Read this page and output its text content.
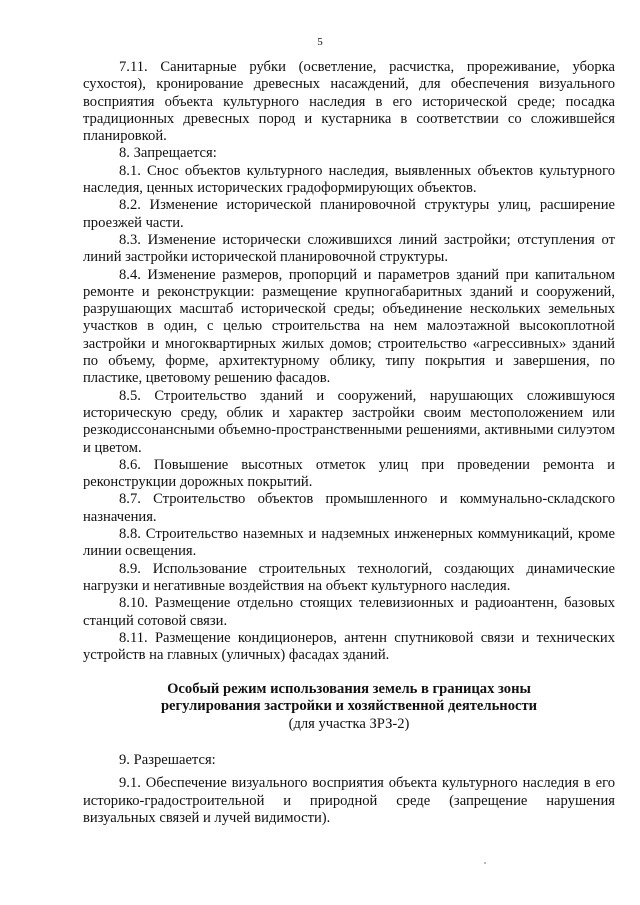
5

7.11. Санитарные рубки (осветление, расчистка, прореживание, уборка сухостоя), кронирование древесных насаждений, для обеспечения визуального восприятия объекта культурного наследия в его исторической среде; посадка традиционных древесных пород и кустарника в соответствии со сложившейся планировкой.

8. Запрещается:

8.1. Снос объектов культурного наследия, выявленных объектов культурного наследия, ценных исторических градоформирующих объектов.

8.2. Изменение исторической планировочной структуры улиц, расширение проезжей части.

8.3. Изменение исторически сложившихся линий застройки; отступления от линий застройки исторической планировочной структуры.

8.4. Изменение размеров, пропорций и параметров зданий при капитальном ремонте и реконструкции: размещение крупногабаритных зданий и сооружений, разрушающих масштаб исторической среды; объединение нескольких земельных участков в один, с целью строительства на нем малоэтажной высокоплотной застройки и многоквартирных жилых домов; строительство «агрессивных» зданий по объему, форме, архитектурному облику, типу покрытия и завершения, по пластике, цветовому решению фасадов.

8.5. Строительство зданий и сооружений, нарушающих сложившуюся историческую среду, облик и характер застройки своим местоположением или резкодиссонансными объемно-пространственными решениями, активными силуэтом и цветом.

8.6. Повышение высотных отметок улиц при проведении ремонта и реконструкции дорожных покрытий.

8.7. Строительство объектов промышленного и коммунально-складского назначения.

8.8. Строительство наземных и надземных инженерных коммуникаций, кроме линии освещения.

8.9. Использование строительных технологий, создающих динамические нагрузки и негативные воздействия на объект культурного наследия.

8.10. Размещение отдельно стоящих телевизионных и радиоантенн, базовых станций сотовой связи.

8.11. Размещение кондиционеров, антенн спутниковой связи и технических устройств на главных (уличных) фасадах зданий.

Особый режим использования земель в границах зоны
регулирования застройки и хозяйственной деятельности
(для участка ЗРЗ-2)

9. Разрешается:

9.1. Обеспечение визуального восприятия объекта культурного наследия в его историко-градостроительной и природной среде (запрещение нарушения визуальных связей и лучей видимости).
